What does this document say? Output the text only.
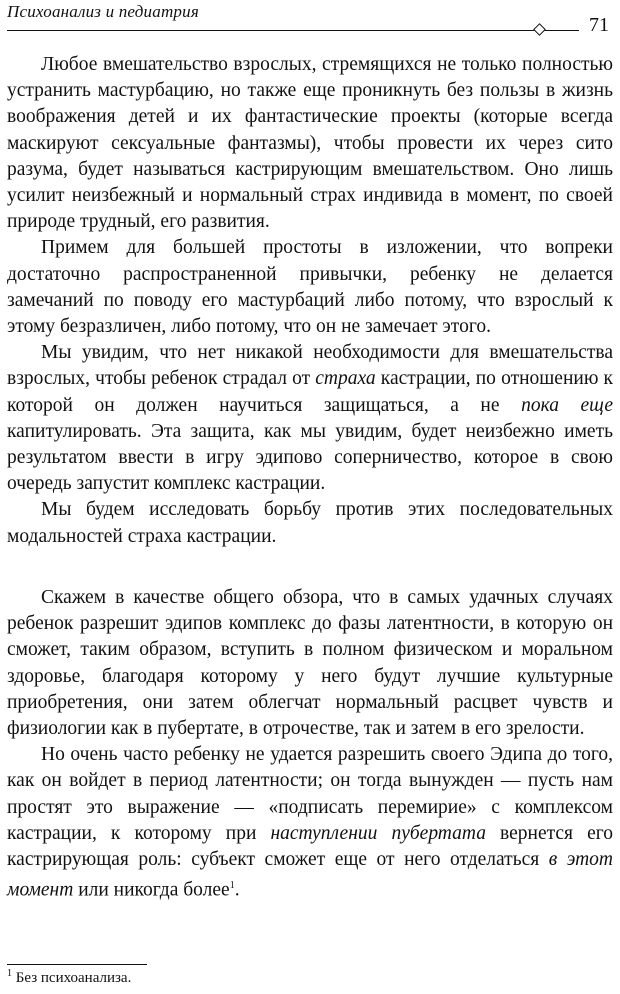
Психоанализ и педиатрия
71

Любое вмешательство взрослых, стремящихся не только полностью устранить мастурбацию, но также еще проникнуть без пользы в жизнь воображения детей и их фантастические проекты (которые всегда маскируют сексуальные фантазмы), чтобы провести их через сито разума, будет называться кастрирующим вмешательством. Оно лишь усилит неизбежный и нормальный страх индивида в момент, по своей природе трудный, его развития.

Примем для большей простоты в изложении, что вопреки достаточно распространенной привычки, ребенку не делается замечаний по поводу его мастурбаций либо потому, что взрослый к этому безразличен, либо потому, что он не замечает этого.

Мы увидим, что нет никакой необходимости для вмешательства взрослых, чтобы ребенок страдал от страха кастрации, по отношению к которой он должен научиться защищаться, а не пока еще капитулировать. Эта защита, как мы увидим, будет неизбежно иметь результатом ввести в игру эдипово соперничество, которое в свою очередь запустит комплекс кастрации.

Мы будем исследовать борьбу против этих последовательных модальностей страха кастрации.

Скажем в качестве общего обзора, что в самых удачных случаях ребенок разрешит эдипов комплекс до фазы латентности, в которую он сможет, таким образом, вступить в полном физическом и моральном здоровье, благодаря которому у него будут лучшие культурные приобретения, они затем облегчат нормальный расцвет чувств и физиологии как в пубертате, в отрочестве, так и затем в его зрелости.

Но очень часто ребенку не удается разрешить своего Эдипа до того, как он войдет в период латентности; он тогда вынужден — пусть нам простят это выражение — «подписать перемирие» с комплексом кастрации, к которому при наступлении пубертата вернется его кастрирующая роль: субъект сможет еще от него отделаться в этот момент или никогда более$^1$.

$^1$ Без психоанализа.
